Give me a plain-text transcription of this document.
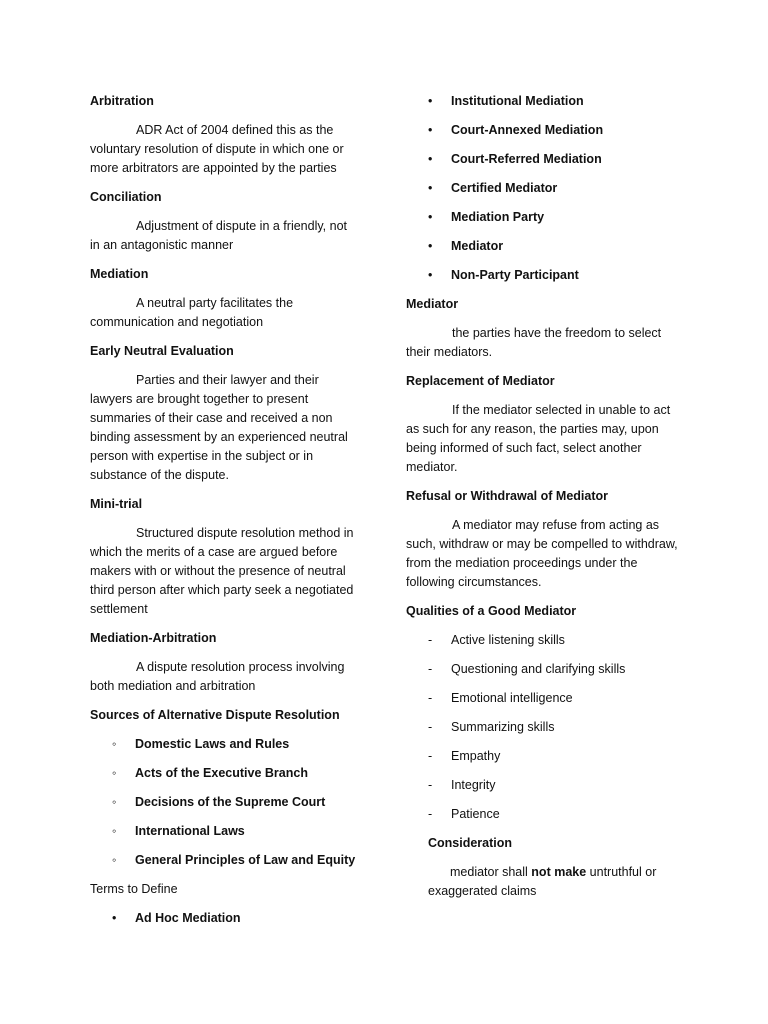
Arbitration
ADR Act of 2004 defined this as the voluntary resolution of dispute in which one or more arbitrators are appointed by the parties
Conciliation
Adjustment of dispute in a friendly, not in an antagonistic manner
Mediation
A neutral party facilitates the communication and negotiation
Early Neutral Evaluation
Parties and their lawyer and their lawyers are brought together to present summaries of their case and received a non binding assessment by an experienced neutral person with expertise in the subject or in substance of the dispute.
Mini-trial
Structured dispute resolution method in which the merits of a case are argued before makers with or without the presence of neutral third person after which party seek a negotiated settlement
Mediation-Arbitration
A dispute resolution process involving both mediation and arbitration
Sources of Alternative Dispute Resolution
◦	Domestic Laws and Rules
◦	Acts of the Executive Branch
◦	Decisions of the Supreme Court
◦	International Laws
◦	General Principles of Law and Equity
Terms to Define
•	Ad Hoc Mediation
•	Institutional Mediation
•	Court-Annexed Mediation
•	Court-Referred Mediation
•	Certified Mediator
•	Mediation Party
•	Mediator
•	Non-Party Participant
Mediator
the parties have the freedom to select their mediators.
Replacement of Mediator
If the mediator selected in unable to act as such for any reason, the parties may, upon being informed of such fact, select another mediator.
Refusal or Withdrawal of Mediator
A mediator may refuse from acting as such, withdraw or may be compelled to withdraw, from the mediation proceedings under the following circumstances.
Qualities of a Good Mediator
-	Active listening skills
-	Questioning and clarifying skills
-	Emotional intelligence
-	Summarizing skills
-	Empathy
-	Integrity
-	Patience
Consideration
mediator shall not make untruthful or exaggerated claims
